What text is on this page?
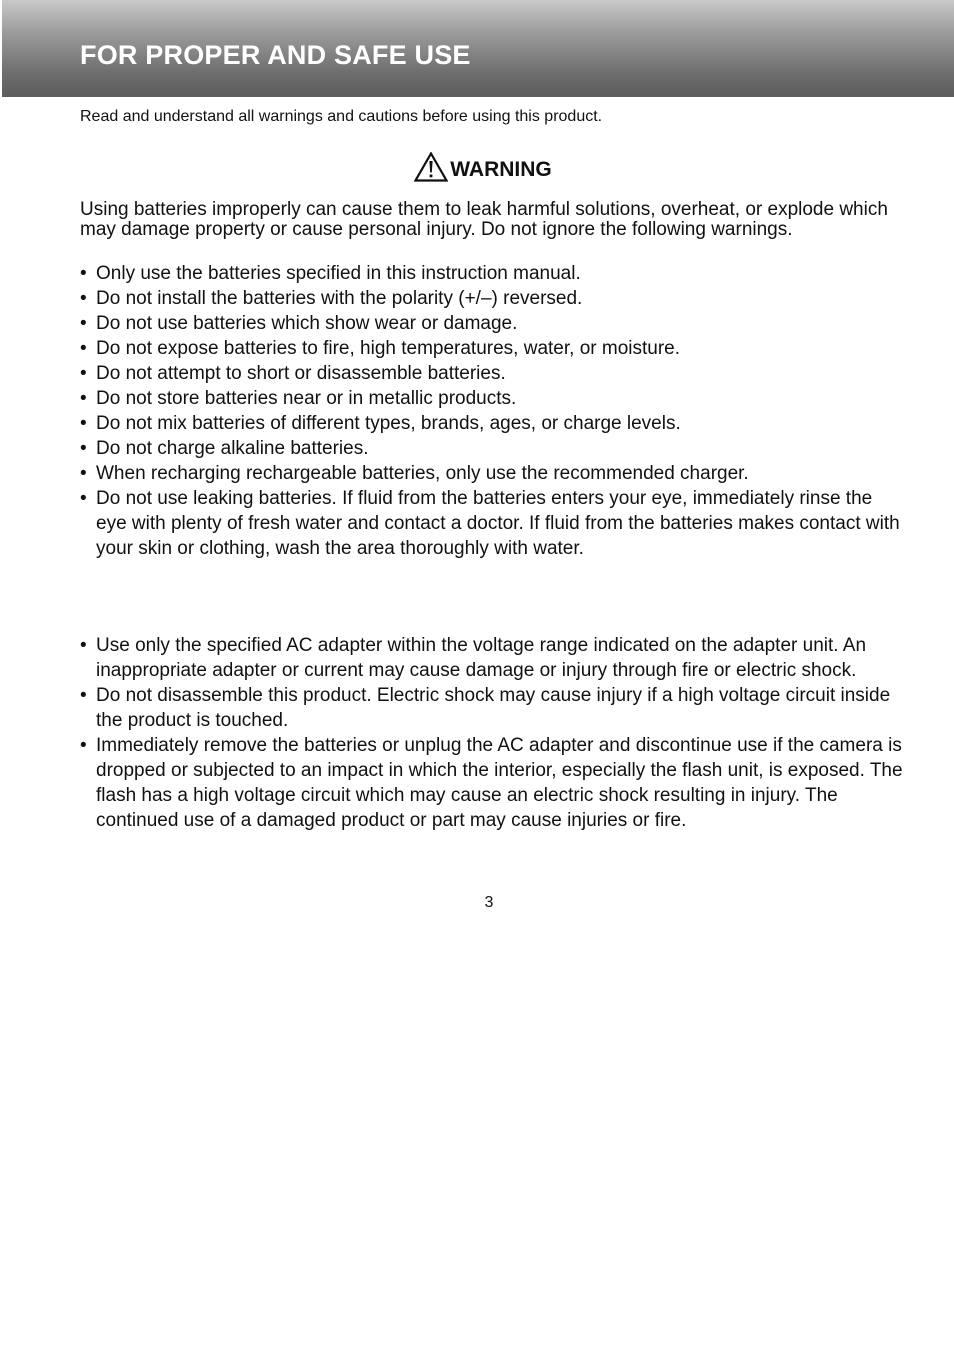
FOR PROPER AND SAFE USE
Read and understand all warnings and cautions before using this product.
WARNING
Using batteries improperly can cause them to leak harmful solutions, overheat, or explode which may damage property or cause personal injury. Do not ignore the following warnings.
• Only use the batteries specified in this instruction manual.
• Do not install the batteries with the polarity (+/–) reversed.
• Do not use batteries which show wear or damage.
• Do not expose batteries to fire, high temperatures, water, or moisture.
• Do not attempt to short or disassemble batteries.
• Do not store batteries near or in metallic products.
• Do not mix batteries of different types, brands, ages, or charge levels.
• Do not charge alkaline batteries.
• When recharging rechargeable batteries, only use the recommended charger.
• Do not use leaking batteries. If fluid from the batteries enters your eye, immediately rinse the eye with plenty of fresh water and contact a doctor. If fluid from the batteries makes contact with your skin or clothing, wash the area thoroughly with water.
• Use only the specified AC adapter within the voltage range indicated on the adapter unit. An inappropriate adapter or current may cause damage or injury through fire or electric shock.
• Do not disassemble this product. Electric shock may cause injury if a high voltage circuit inside the product is touched.
• Immediately remove the batteries or unplug the AC adapter and discontinue use if the camera is dropped or subjected to an impact in which the interior, especially the flash unit, is exposed. The flash has a high voltage circuit which may cause an electric shock resulting in injury. The continued use of a damaged product or part may cause injuries or fire.
3
